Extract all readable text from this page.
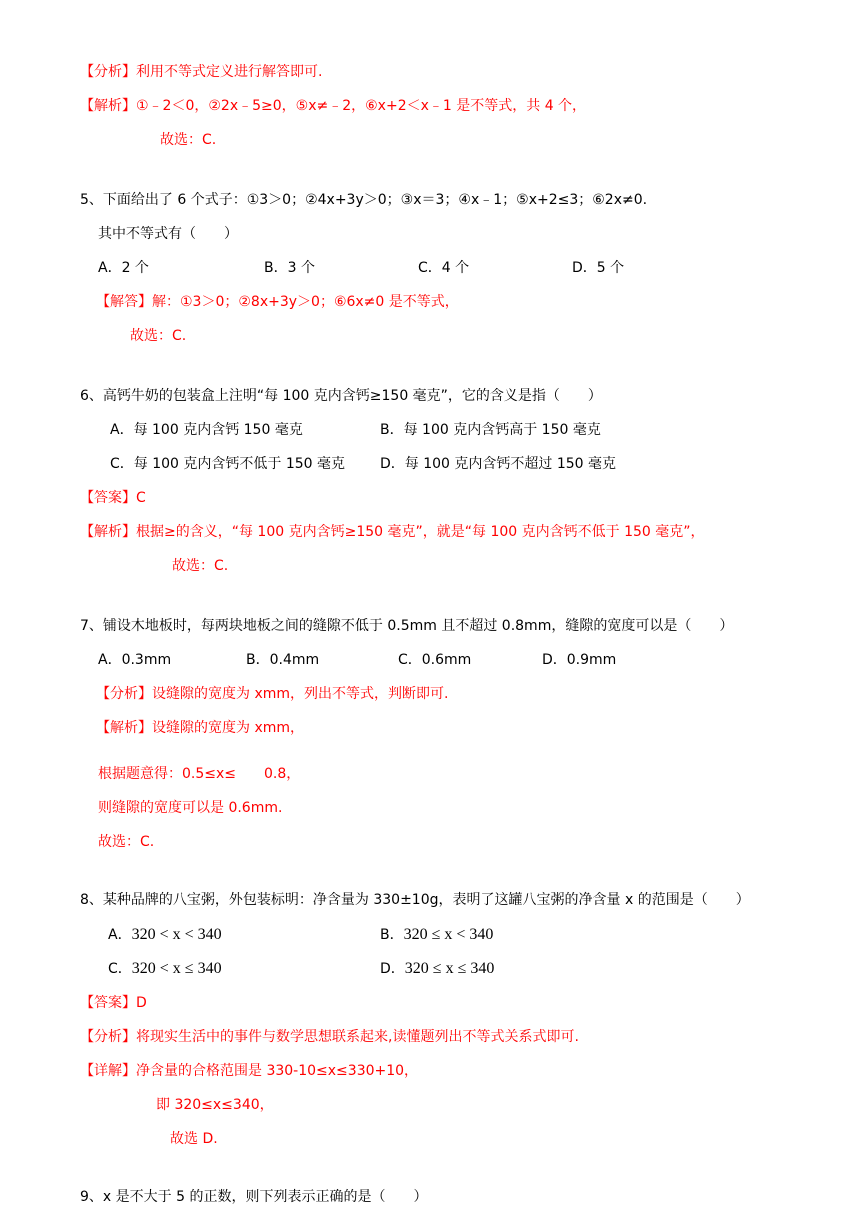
【分析】利用不等式定义进行解答即可.
【解析】①﹣2＜0，②2x﹣5≥0，⑤x≠﹣2，⑥x+2＜x﹣1 是不等式，共 4 个，
故选：C.
5、下面给出了 6 个式子：①3＞0；②4x+3y＞0；③x＝3；④x﹣1；⑤x+2≤3；⑥2x≠0.
其中不等式有（　　）
A．2 个	B．3 个	C．4 个	D．5 个
【解答】解：①3＞0；②8x+3y＞0；⑥6x≠0 是不等式，
故选：C.
6、高钙牛奶的包装盒上注明“每 100 克内含钙≥150 毫克”，它的含义是指（　　）
A．每 100 克内含钙 150 毫克	B．每 100 克内含钙高于 150 毫克
C．每 100 克内含钙不低于 150 毫克 D．每 100 克内含钙不超过 150 毫克
【答案】C
【解析】根据≥的含义，“每 100 克内含钙≥150 毫克”，就是“每 100 克内含钙不低于 150 毫克”，
故选：C.
7、铺设木地板时，每两块地板之间的缝隙不低于 0.5mm 且不超过 0.8mm，缝隙的宽度可以是（　　）
A．0.3mm	B．0.4mm	C．0.6mm	D．0.9mm
【分析】设缝隙的宽度为 xmm，列出不等式，判断即可.
【解析】设缝隙的宽度为 xmm，
根据题意得：0.5≤x≤　　0.8，
则缝隙的宽度可以是 0.6mm.
故选：C.
8、某种品牌的八宝粥，外包装标明：净含量为 330±10g，表明了这罐八宝粥的净含量 x 的范围是（　　）
A．320 < x < 340	B．320 ≤ x < 340
C．320 < x ≤ 340	D．320 ≤ x ≤ 340
【答案】D
【分析】将现实生活中的事件与数学思想联系起来,读懂题列出不等式关系式即可.
【详解】净含量的合格范围是 330-10≤x≤330+10，
即 320≤x≤340，
故选 D.
9、x 是不大于 5 的正数，则下列表示正确的是（　　）
